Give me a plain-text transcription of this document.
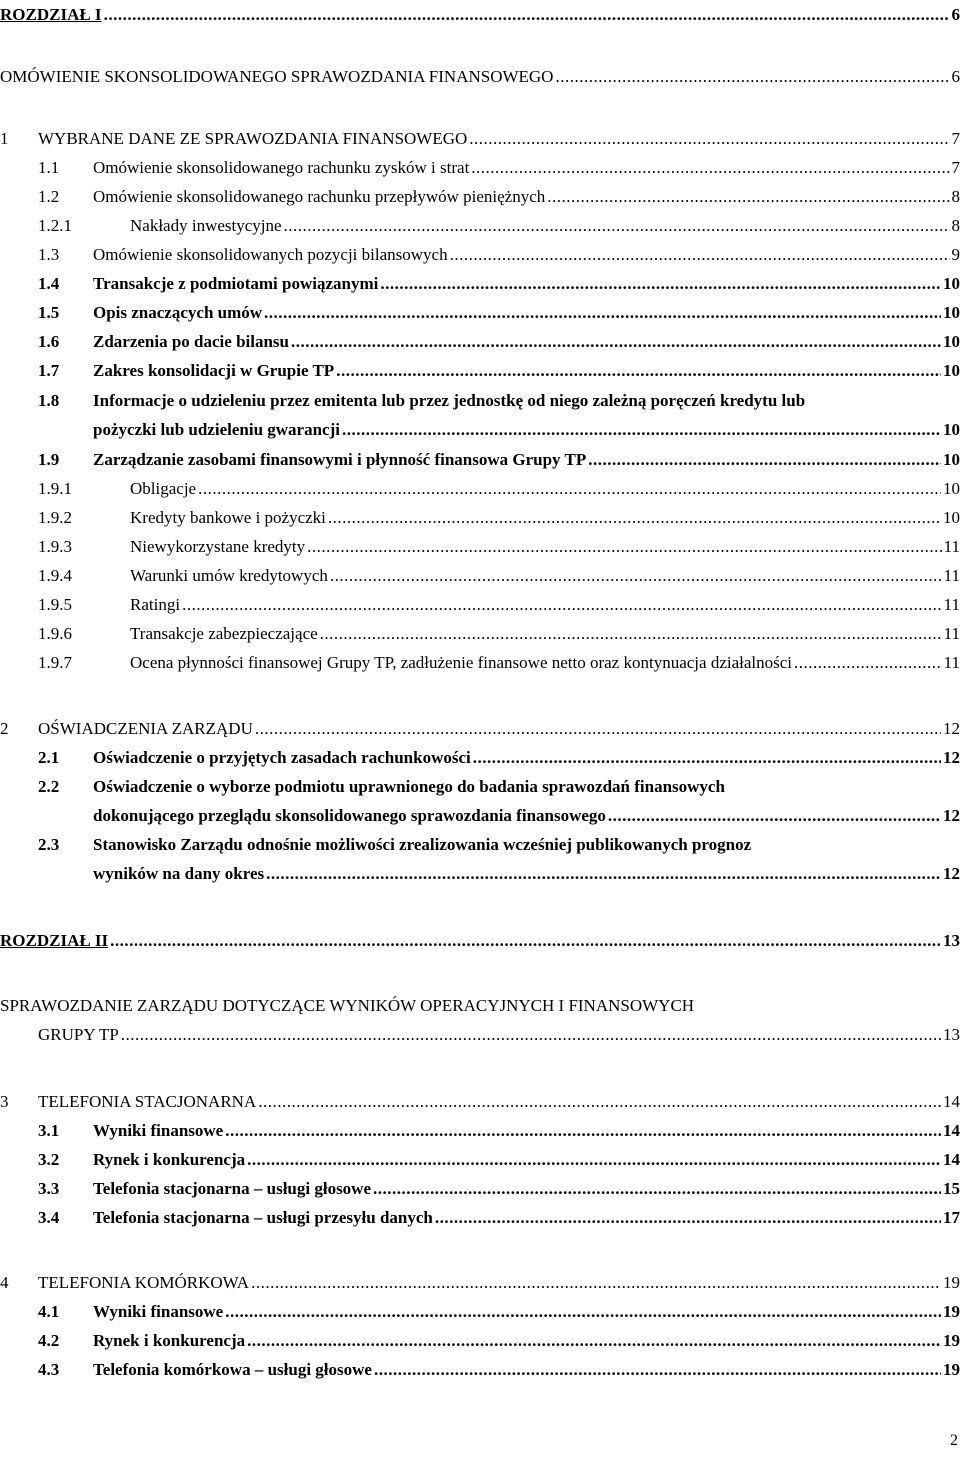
ROZDZIAŁ I .....	6
OMÓWIENIE SKONSOLIDOWANEGO SPRAWOZDANIA FINANSOWEGO .....	6
1 WYBRANE DANE ZE SPRAWOZDANIA FINANSOWEGO .....	7
1.1 Omówienie skonsolidowanego rachunku zysków i strat .....	7
1.2 Omówienie skonsolidowanego rachunku przepływów pieniężnych .....	8
1.2.1	Nakłady inwestycyjne .....	8
1.3 Omówienie skonsolidowanych pozycji bilansowych .....	9
1.4 Transakcje z podmiotami powiązanymi .....	10
1.5 Opis znaczących umów .....	10
1.6 Zdarzenia po dacie bilansu .....	10
1.7 Zakres konsolidacji w Grupie TP .....	10
1.8 Informacje o udzieleniu przez emitenta lub przez jednostkę od niego zależną poręczeń kredytu lub
pożyczki lub udzieleniu gwarancji .....	10
1.9 Zarządzanie zasobami finansowymi i płynność finansowa Grupy TP .....	10
1.9.1	Obligacje .....	10
1.9.2	Kredyty bankowe i pożyczki .....	10
1.9.3	Niewykorzystane kredyty .....	11
1.9.4	Warunki umów kredytowych .....	11
1.9.5	Ratingi .....	11
1.9.6	Transakcje zabezpieczające .....	11
1.9.7	Ocena płynności finansowej Grupy TP, zadłużenie finansowe netto oraz kontynuacja działalności .....	11
2 OŚWIADCZENIA ZARZĄDU .....	12
2.1 Oświadczenie o przyjętych zasadach rachunkowości .....	12
2.2 Oświadczenie o wyborze podmiotu uprawnionego do badania sprawozdań finansowych
dokonującego przeglądu skonsolidowanego sprawozdania finansowego .....	12
2.3 Stanowisko Zarządu odnośnie możliwości zrealizowania wcześniej publikowanych prognoz
wyników na dany okres .....	12
ROZDZIAŁ II .....	13
SPRAWOZDANIE ZARZĄDU DOTYCZĄCE WYNIKÓW OPERACYJNYCH I FINANSOWYCH
GRUPY TP .....	13
3 TELEFONIA STACJONARNA .....	14
3.1 Wyniki finansowe .....	14
3.2 Rynek i konkurencja .....	14
3.3 Telefonia stacjonarna – usługi głosowe .....	15
3.4 Telefonia stacjonarna – usługi przesyłu danych .....	17
4 TELEFONIA KOMÓRKOWA .....	19
4.1 Wyniki finansowe .....	19
4.2 Rynek i konkurencja .....	19
4.3 Telefonia komórkowa – usługi głosowe .....	19
2
